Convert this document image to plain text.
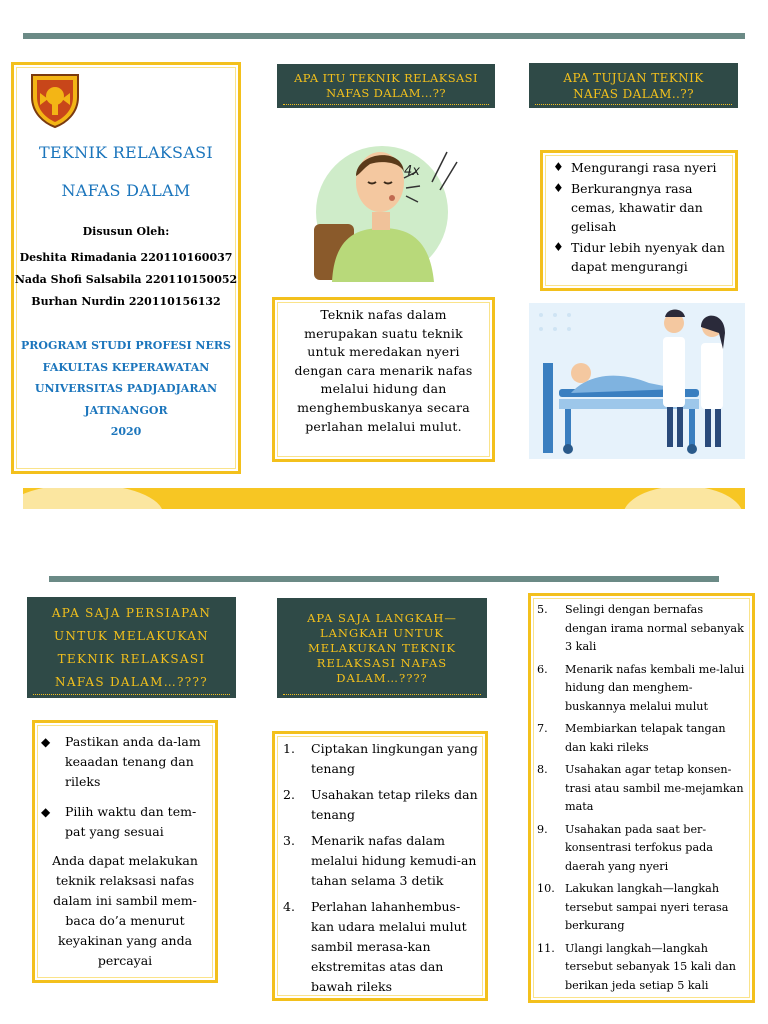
TEKNIK RELAKSASI
NAFAS DALAM
Disusun Oleh:
Deshita Rimadania 220110160037
Nada Shofi Salsabila 220110150052
Burhan Nurdin 220110156132
PROGRAM STUDI PROFESI NERS
FAKULTAS KEPERAWATAN
UNIVERSITAS PADJADJARAN
JATINANGOR
2020
APA ITU TEKNIK RELAKSASI
NAFAS DALAM…??
4x
Teknik nafas dalam merupakan suatu teknik untuk meredakan nyeri dengan cara menarik nafas melalui hidung dan menghembuskanya secara perlahan melalui mulut.
APA TUJUAN TEKNIK
NAFAS DALAM..??
♦ Mengurangi rasa nyeri
♦ Berkurangnya rasa cemas, khawatir dan gelisah
♦ Tidur lebih nyenyak dan dapat mengurangi
APA SAJA PERSIAPAN
UNTUK MELAKUKAN
TEKNIK RELAKSASI
NAFAS DALAM…????
◆ Pastikan anda da-lam keaadan tenang dan rileks
◆ Pilih waktu dan tem-pat yang sesuai
Anda dapat melakukan teknik relaksasi nafas dalam ini sambil mem-baca do’a menurut keyakinan yang anda percayai
APA SAJA LANGKAH—
LANGKAH UNTUK
MELAKUKAN TEKNIK
RELAKSASI NAFAS
DALAM…????
1. Ciptakan lingkungan yang tenang
2. Usahakan tetap rileks dan tenang
3. Menarik nafas dalam melalui hidung kemudi-an tahan selama 3 detik
4. Perlahan lahanhembus-kan udara melalui mulut sambil merasa-kan ekstremitas atas dan bawah rileks
5. Selingi dengan bernafas dengan irama normal sebanyak 3 kali
6. Menarik nafas kembali me-lalui hidung dan menghem-buskannya melalui mulut
7. Membiarkan telapak tangan dan kaki rileks
8. Usahakan agar tetap konsen-trasi atau sambil me-mejamkan mata
9. Usahakan pada saat ber-konsentrasi terfokus pada daerah yang nyeri
10. Lakukan langkah—langkah tersebut sampai nyeri terasa berkurang
11. Ulangi langkah—langkah tersebut sebanyak 15 kali dan berikan jeda setiap 5 kali
